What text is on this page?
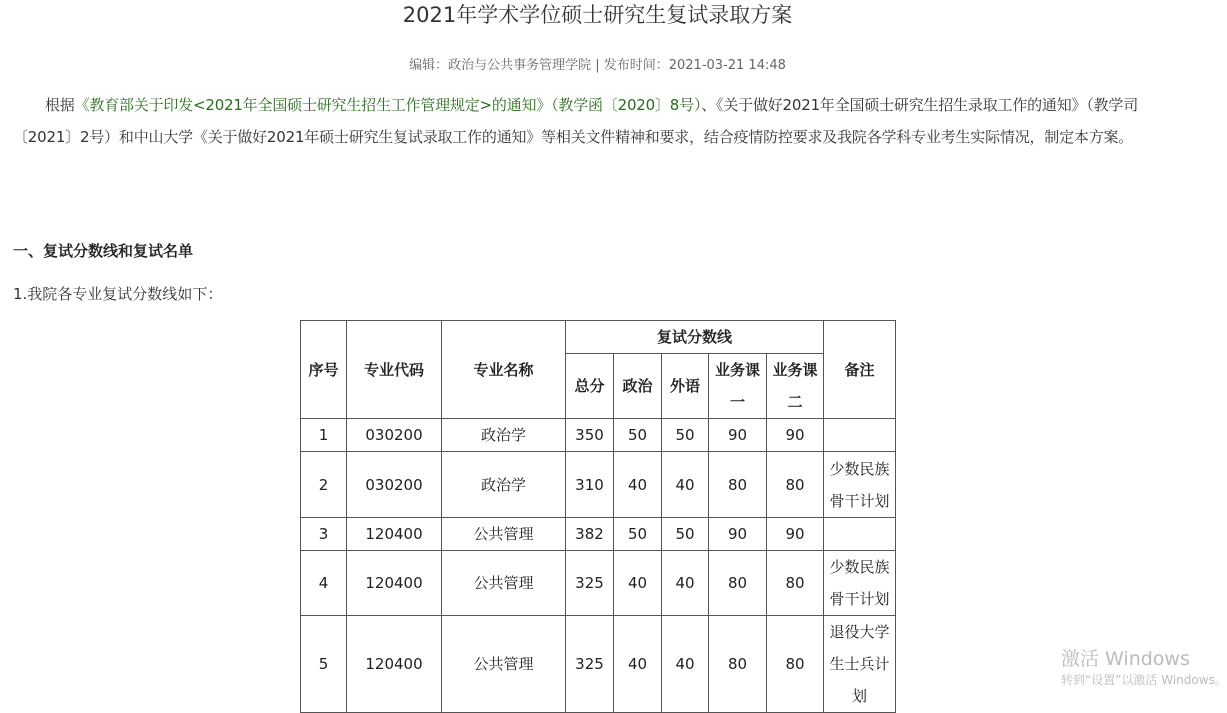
2021年学术学位硕士研究生复试录取方案
编辑：政治与公共事务管理学院 | 发布时间：2021-03-21 14:48
根据《教育部关于印发<2021年全国硕士研究生招生工作管理规定>的通知》（教学函〔2020〕8号）、《关于做好2021年全国硕士研究生招生录取工作的通知》（教学司〔2021〕2号）和中山大学《关于做好2021年硕士研究生复试录取工作的通知》等相关文件精神和要求，结合疫情防控要求及我院各学科专业考生实际情况，制定本方案。
一、复试分数线和复试名单
1.我院各专业复试分数线如下：
序号	专业代码	专业名称	复试分数线					备注
			总分	政治	外语	业务课一	业务课二	
1	030200	政治学	350	50	50	90	90	
2	030200	政治学	310	40	40	80	80	少数民族骨干计划
3	120400	公共管理	382	50	50	90	90	
4	120400	公共管理	325	40	40	80	80	少数民族骨干计划
5	120400	公共管理	325	40	40	80	80	退役大学生士兵计划
激活 Windows
转到“设置”以激活 Windows。
